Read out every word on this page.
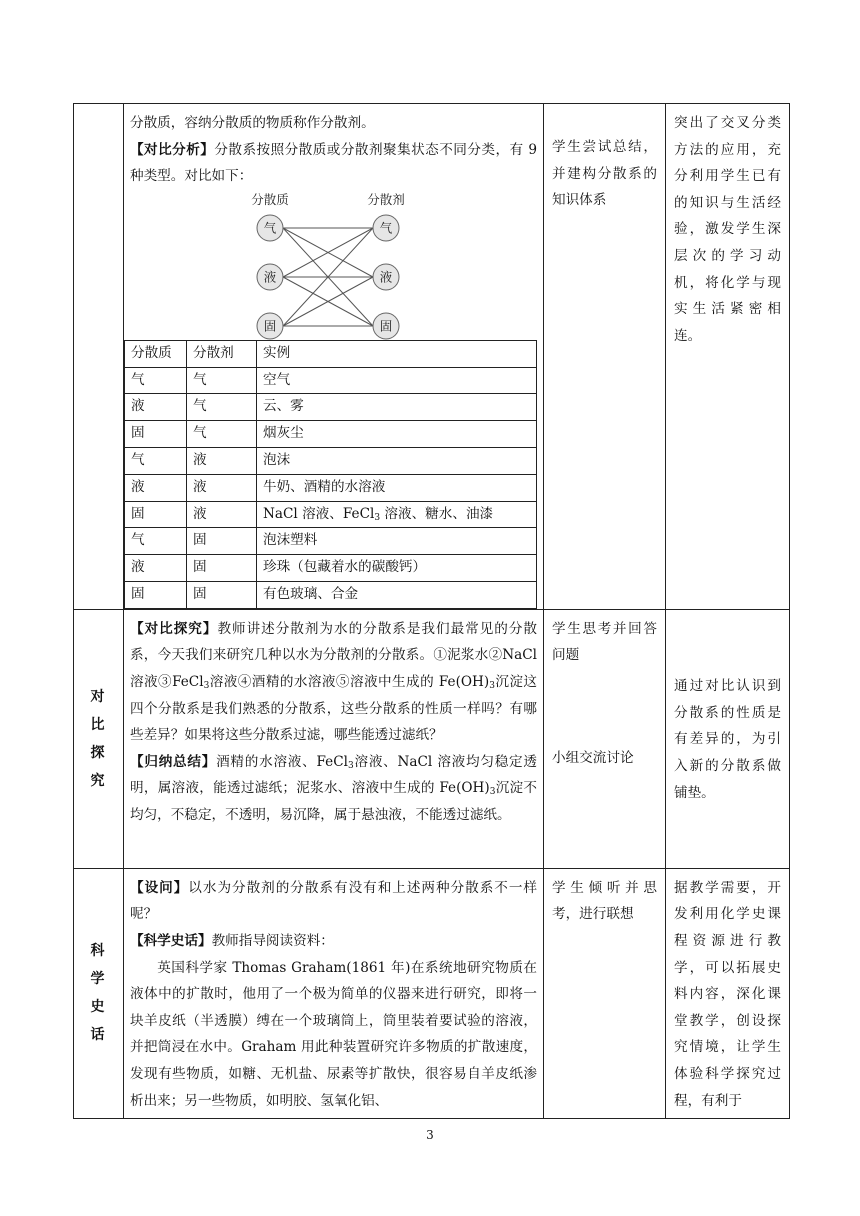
分散质，容纳分散质的物质称作分散剂。

【对比分析】分散系按照分散质或分散剂聚集状态不同分类，有 9 种类型。对比如下：

分散质	分散剂
气
液
固
气
液
固
分散质	分散剂	实例
气	气	空气
液	气	云、雾
固	气	烟灰尘
气	液	泡沫
液	液	牛奶、酒精的水溶液
固	液	NaCl 溶液、FeCl$_3$ 溶液、糖水、油漆
气	固	泡沫塑料
液	固	珍珠（包藏着水的碳酸钙）
固	固	有色玻璃、合金

学生尝试总结，并建构分散系的知识体系

突出了交叉分类方法的应用，充分利用学生已有的知识与生活经验，激发学生深层次的学习动机，将化学与现实生活紧密相连。

对比探究

【对比探究】教师讲述分散剂为水的分散系是我们最常见的分散系，今天我们来研究几种以水为分散剂的分散系。①泥浆水②NaCl 溶液③FeCl$_3$溶液④酒精的水溶液⑤溶液中生成的 $Fe(OH)_3$沉淀这四个分散系是我们熟悉的分散系，这些分散系的性质一样吗？有哪些差异？如果将这些分散系过滤，哪些能透过滤纸？

【归纳总结】酒精的水溶液、FeCl$_3$溶液、NaCl 溶液均匀稳定透明，属溶液，能透过滤纸；泥浆水、溶液中生成的 $Fe(OH)_3$沉淀不均匀，不稳定，不透明，易沉降，属于悬浊液，不能透过滤纸。

学生思考并回答问题
小组交流讨论

通过对比认识到分散系的性质是有差异的，为引入新的分散系做铺垫。

科学史话

【设问】以水为分散剂的分散系有没有和上述两种分散系不一样呢？

【科学史话】教师指导阅读资料：

英国科学家 Thomas Graham(1861 年)在系统地研究物质在液体中的扩散时，他用了一个极为简单的仪器来进行研究，即将一块羊皮纸（半透膜）缚在一个玻璃筒上，筒里装着要试验的溶液，并把筒浸在水中。Graham 用此种装置研究许多物质的扩散速度，发现有些物质，如糖、无机盐、尿素等扩散快，很容易自羊皮纸渗析出来；另一些物质，如明胶、氢氧化铝、

学生倾听并思考，进行联想

据教学需要，开发利用化学史课程资源进行教学，可以拓展史料内容，深化课堂教学，创设探究情境，让学生体验科学探究过程，有利于
3
